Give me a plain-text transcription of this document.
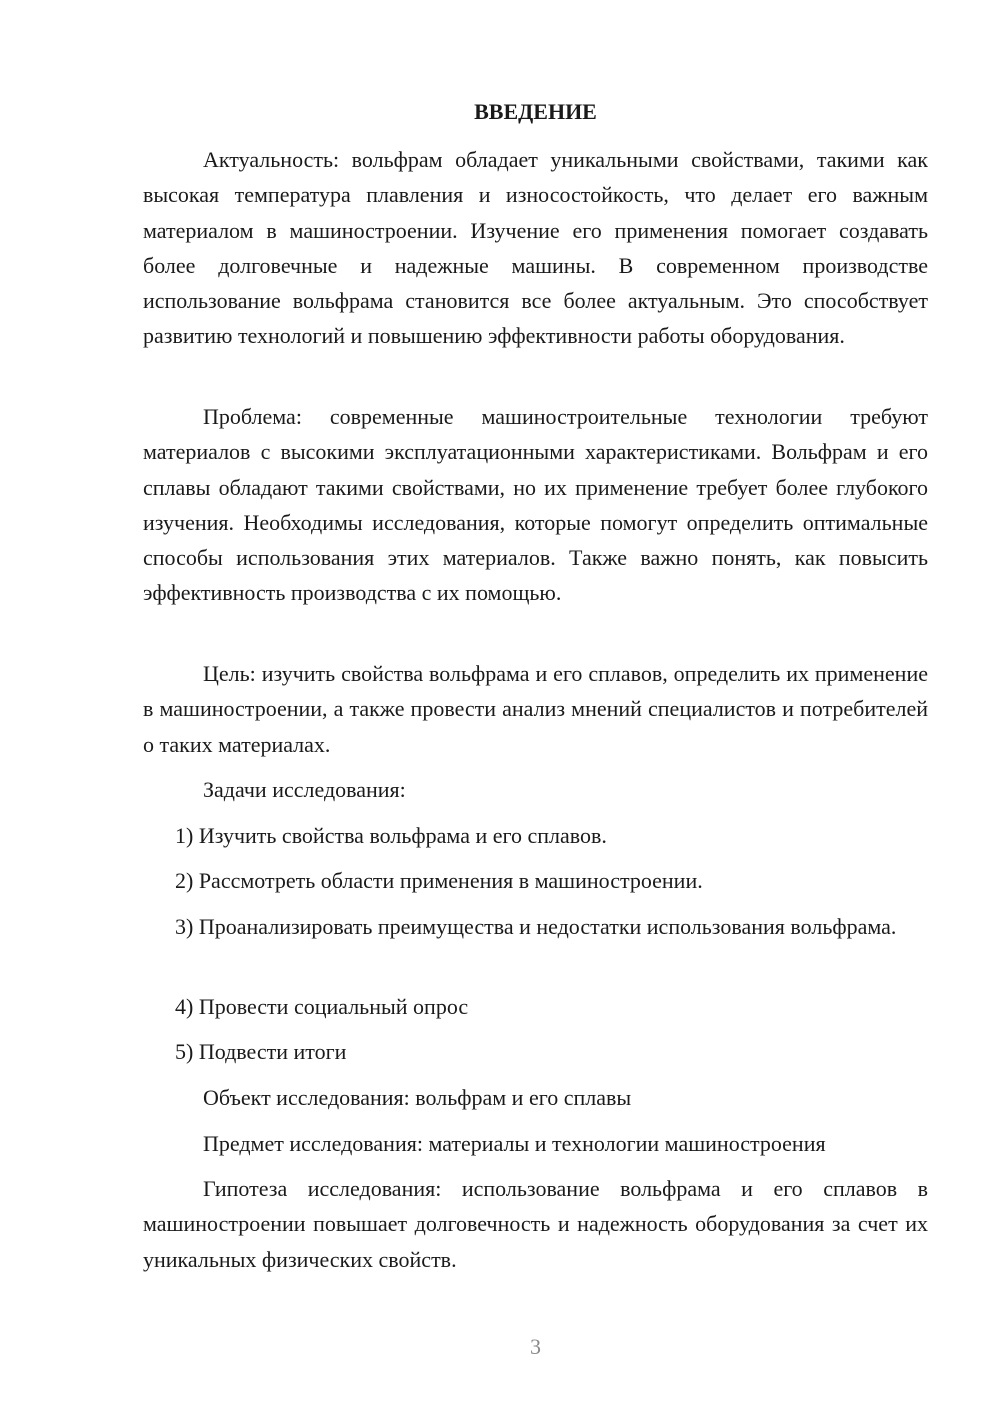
ВВЕДЕНИЕ

Актуальность: вольфрам обладает уникальными свойствами, такими как высокая температура плавления и износостойкость, что делает его важным материалом в машиностроении. Изучение его применения помогает создавать более долговечные и надежные машины. В современном производстве использование вольфрама становится все более актуальным. Это способствует развитию технологий и повышению эффективности работы оборудования.

Проблема: современные машиностроительные технологии требуют материалов с высокими эксплуатационными характеристиками. Вольфрам и его сплавы обладают такими свойствами, но их применение требует более глубокого изучения. Необходимы исследования, которые помогут определить оптимальные способы использования этих материалов. Также важно понять, как повысить эффективность производства с их помощью.

Цель: изучить свойства вольфрама и его сплавов, определить их применение в машиностроении, а также провести анализ мнений специалистов и потребителей о таких материалах.

Задачи исследования:

1) Изучить свойства вольфрама и его сплавов.

2) Рассмотреть области применения в машиностроении.

3) Проанализировать преимущества и недостатки использования вольфрама.

4) Провести социальный опрос

5) Подвести итоги

Объект исследования: вольфрам и его сплавы

Предмет исследования: материалы и технологии машиностроения

Гипотеза исследования: использование вольфрама и его сплавов в машиностроении повышает долговечность и надежность оборудования за счет их уникальных физических свойств.

3
